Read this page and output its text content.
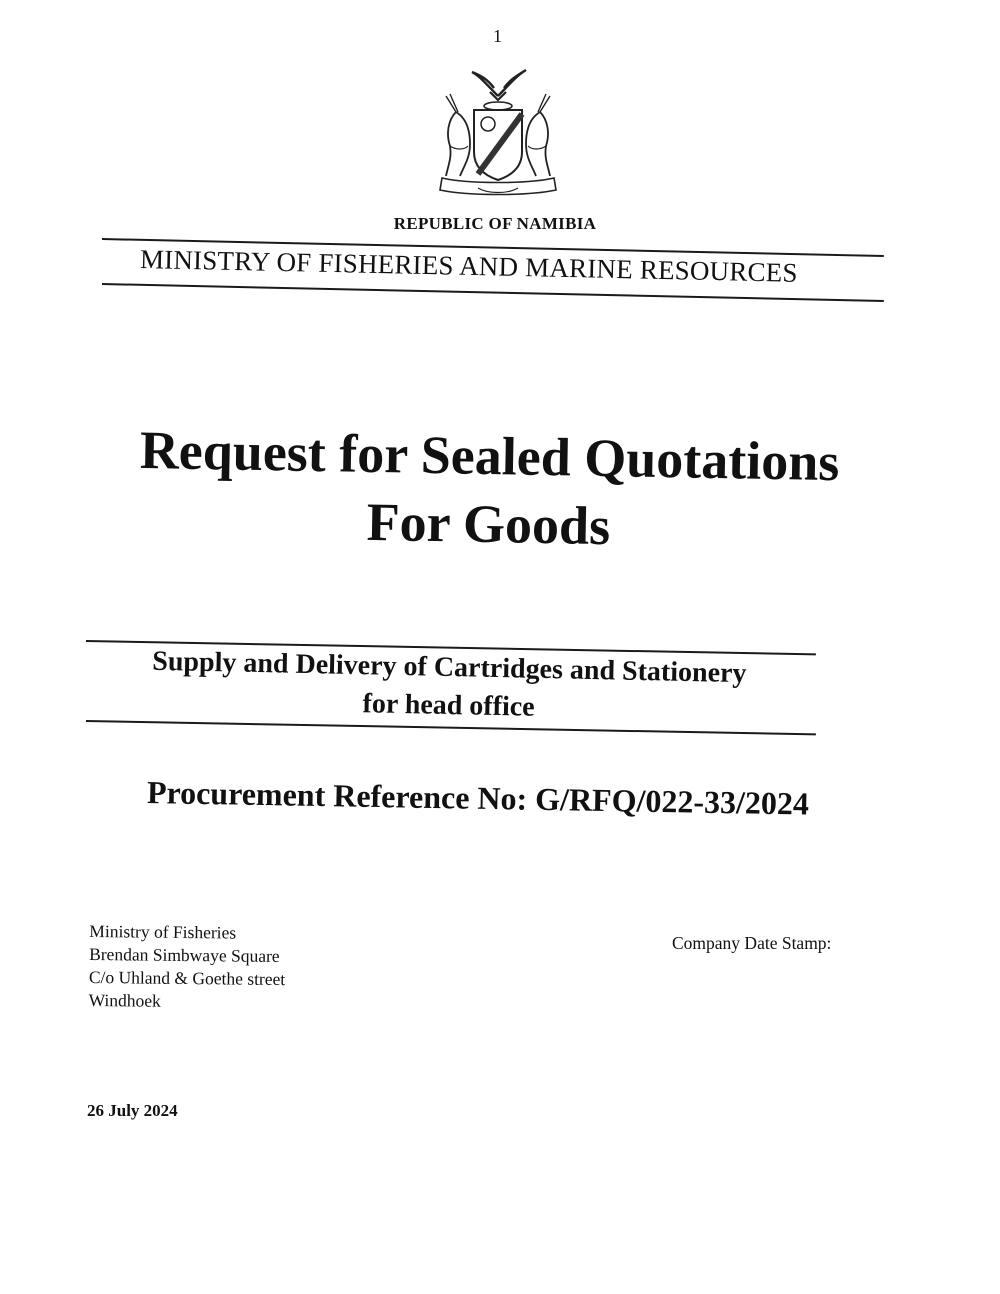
1
REPUBLIC OF NAMIBIA
MINISTRY OF FISHERIES AND MARINE RESOURCES
Request for Sealed Quotations
For Goods
Supply and Delivery of Cartridges and Stationery
for head office
Procurement Reference No: G/RFQ/022-33/2024
Ministry of Fisheries
Brendan Simbwaye Square
C/o Uhland & Goethe street
Windhoek
Company Date Stamp:
26 July 2024
